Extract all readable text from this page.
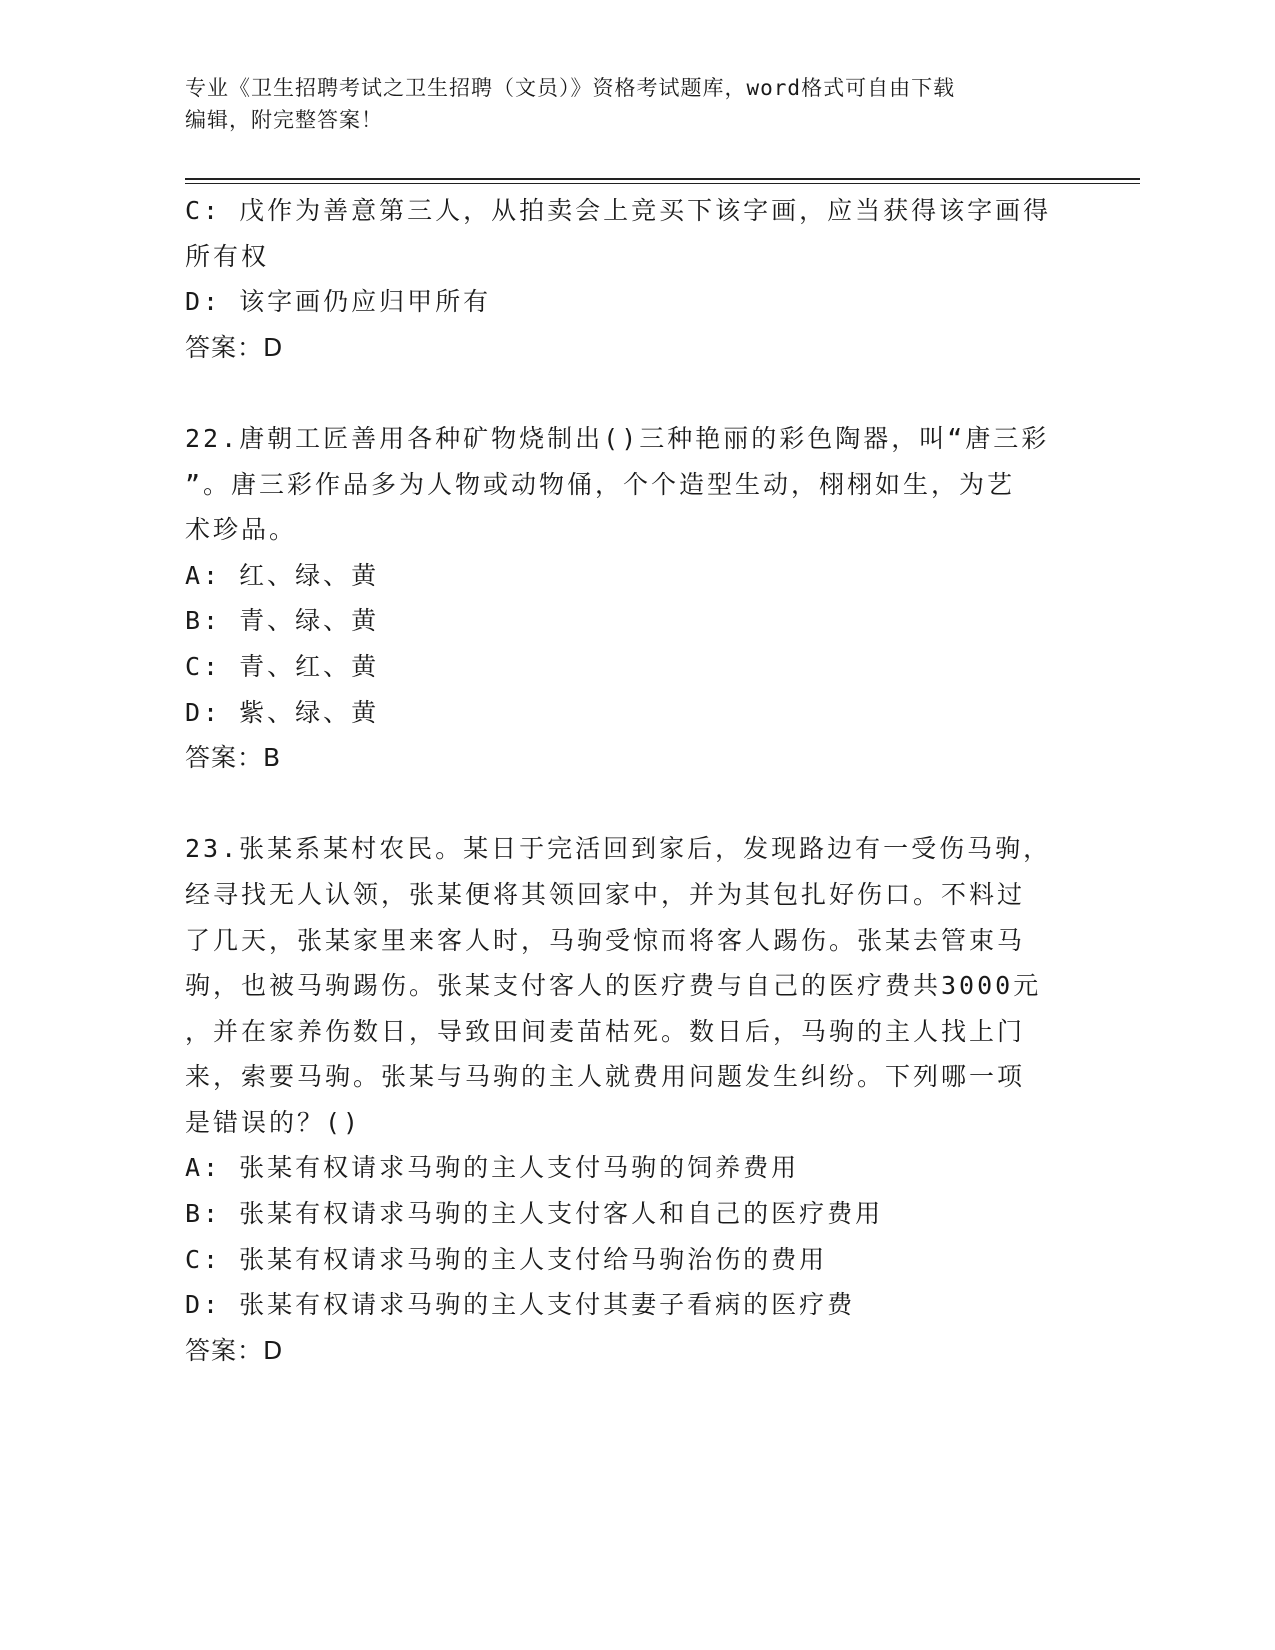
专业《卫生招聘考试之卫生招聘（文员）》资格考试题库，word格式可自由下载
编辑，附完整答案！
C: 戊作为善意第三人，从拍卖会上竞买下该字画，应当获得该字画得
所有权
D: 该字画仍应归甲所有
答案：D
22.唐朝工匠善用各种矿物烧制出()三种艳丽的彩色陶器，叫“唐三彩
”。唐三彩作品多为人物或动物俑，个个造型生动，栩栩如生，为艺
术珍品。
A: 红、绿、黄
B: 青、绿、黄
C: 青、红、黄
D: 紫、绿、黄
答案：B
23.张某系某村农民。某日于完活回到家后，发现路边有一受伤马驹，
经寻找无人认领，张某便将其领回家中，并为其包扎好伤口。不料过
了几天，张某家里来客人时，马驹受惊而将客人踢伤。张某去管束马
驹，也被马驹踢伤。张某支付客人的医疗费与自己的医疗费共3000元
，并在家养伤数日，导致田间麦苗枯死。数日后，马驹的主人找上门
来，索要马驹。张某与马驹的主人就费用问题发生纠纷。下列哪一项
是错误的？()
A: 张某有权请求马驹的主人支付马驹的饲养费用
B: 张某有权请求马驹的主人支付客人和自己的医疗费用
C: 张某有权请求马驹的主人支付给马驹治伤的费用
D: 张某有权请求马驹的主人支付其妻子看病的医疗费
答案：D
